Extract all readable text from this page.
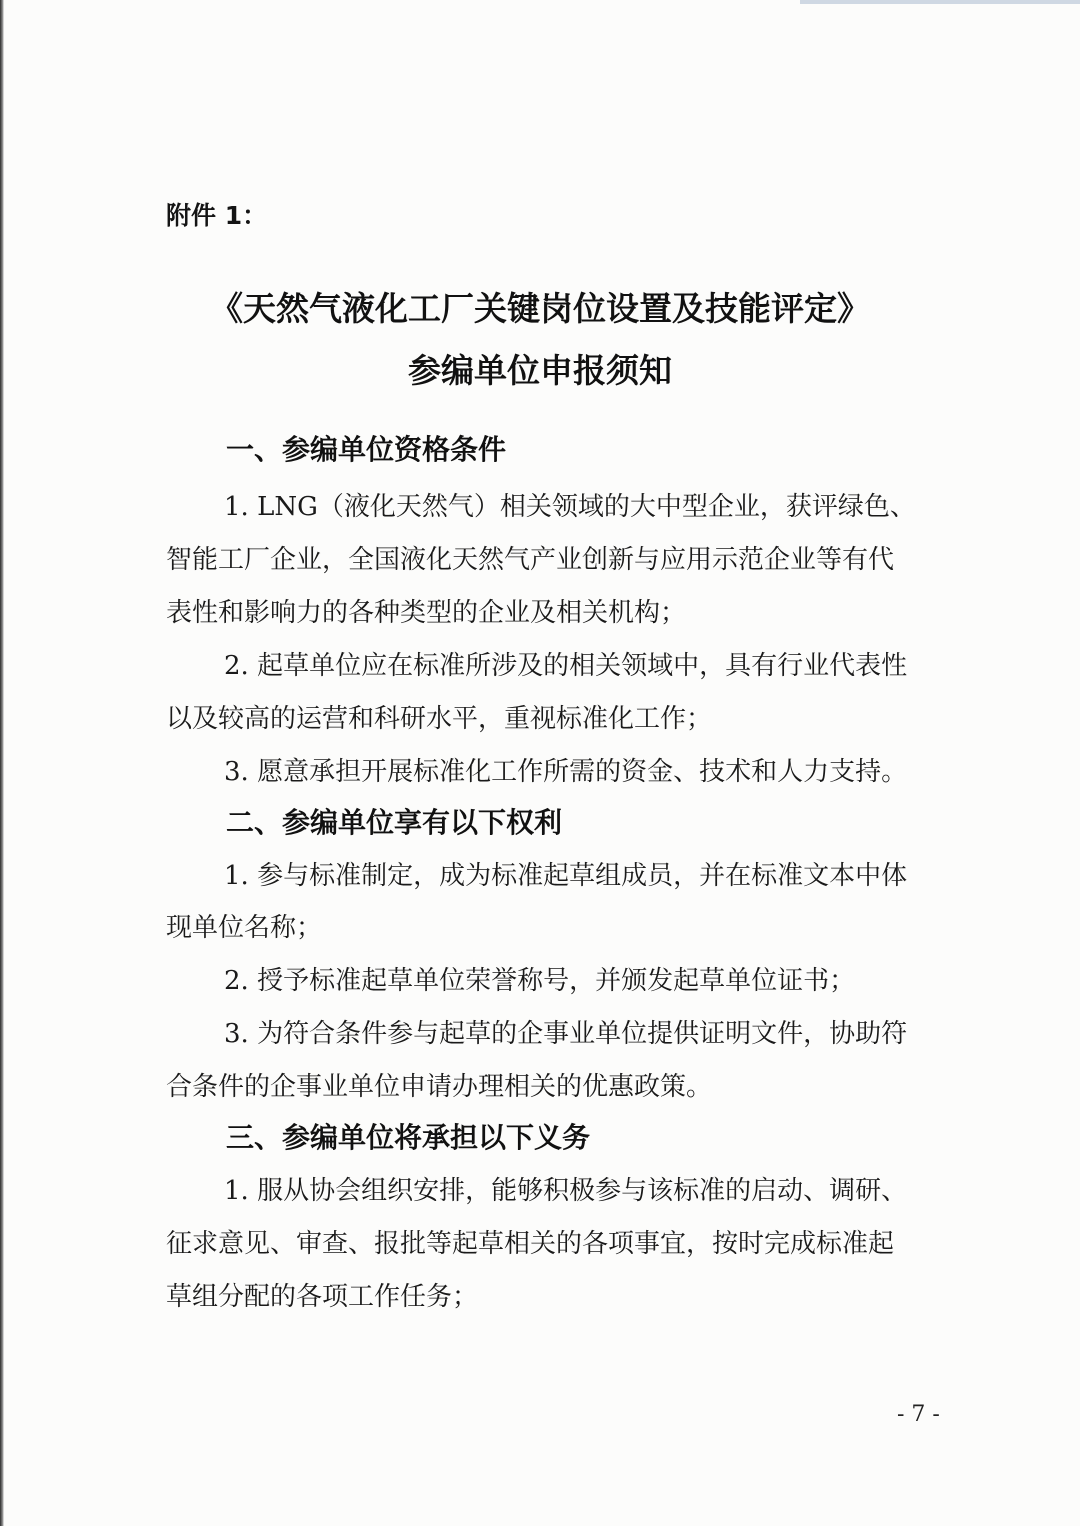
附件 1：
《天然气液化工厂关键岗位设置及技能评定》
参编单位申报须知
一、参编单位资格条件
1. LNG（液化天然气）相关领域的大中型企业，获评绿色、
智能工厂企业，全国液化天然气产业创新与应用示范企业等有代
表性和影响力的各种类型的企业及相关机构；
2. 起草单位应在标准所涉及的相关领域中，具有行业代表性
以及较高的运营和科研水平，重视标准化工作；
3. 愿意承担开展标准化工作所需的资金、技术和人力支持。
二、参编单位享有以下权利
1. 参与标准制定，成为标准起草组成员，并在标准文本中体
现单位名称；
2. 授予标准起草单位荣誉称号，并颁发起草单位证书；
3. 为符合条件参与起草的企事业单位提供证明文件，协助符
合条件的企事业单位申请办理相关的优惠政策。
三、参编单位将承担以下义务
1. 服从协会组织安排，能够积极参与该标准的启动、调研、
征求意见、审查、报批等起草相关的各项事宜，按时完成标准起
草组分配的各项工作任务；
- 7 -
